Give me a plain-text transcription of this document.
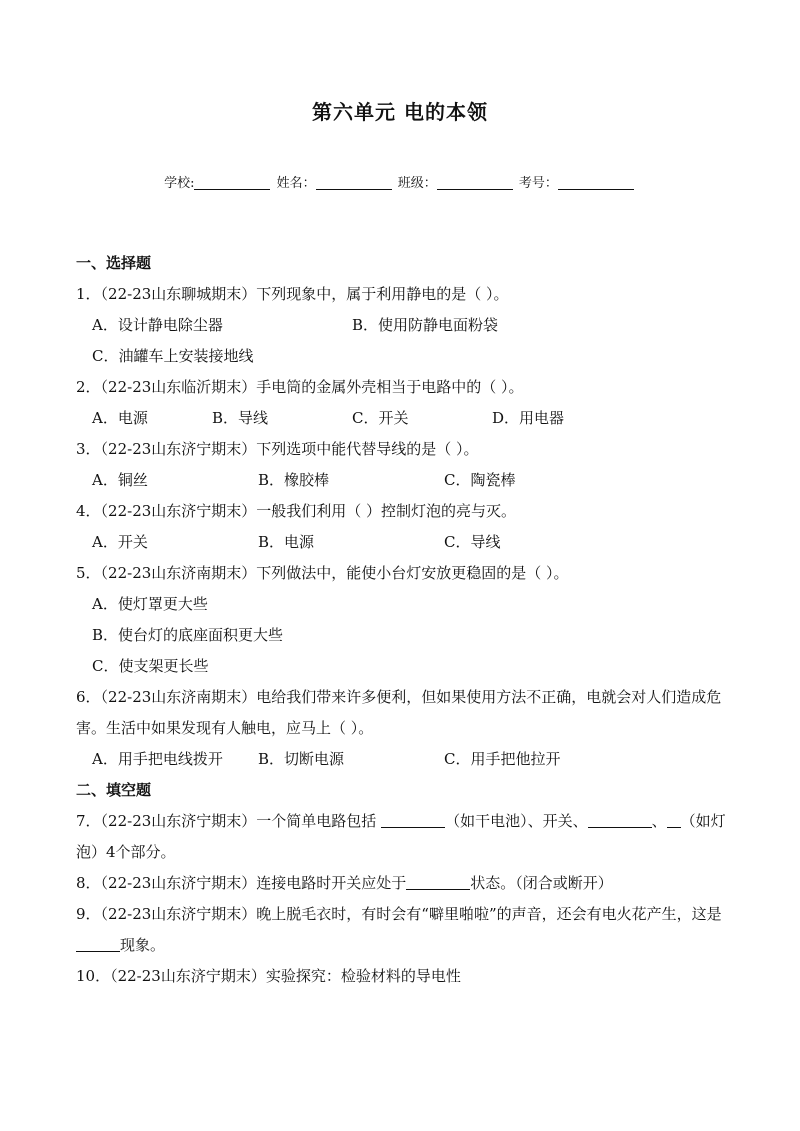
第六单元 电的本领
学校:	姓名：	班级：	考号：
一、选择题
1．（22-23山东聊城期末）下列现象中，属于利用静电的是（ ）。
A．设计静电除尘器	B．使用防静电面粉袋
C．油罐车上安装接地线
2．（22-23山东临沂期末）手电筒的金属外壳相当于电路中的（ ）。
A．电源	B．导线	C．开关	D．用电器
3．（22-23山东济宁期末）下列选项中能代替导线的是（ ）。
A．铜丝	B．橡胶棒	C．陶瓷棒
4．（22-23山东济宁期末）一般我们利用（ ）控制灯泡的亮与灭。
A．开关	B．电源	C．导线
5．（22-23山东济南期末）下列做法中，能使小台灯安放更稳固的是（ ）。
A．使灯罩更大些
B．使台灯的底座面积更大些
C．使支架更长些
6．（22-23山东济南期末）电给我们带来许多便利，但如果使用方法不正确，电就会对人们造成危害。生活中如果发现有人触电，应马上（ ）。
A．用手把电线拨开 B．切断电源	C．用手把他拉开
二、填空题
7．（22-23山东济宁期末）一个简单电路包括	（如干电池）、开关、	、 （如灯泡）4个部分。
8．（22-23山东济宁期末）连接电路时开关应处于	状态。（闭合或断开）
9．（22-23山东济宁期末）晚上脱毛衣时，有时会有“噼里啪啦”的声音，还会有电火花产生，这是现象。
10．（22-23山东济宁期末）实验探究：检验材料的导电性
